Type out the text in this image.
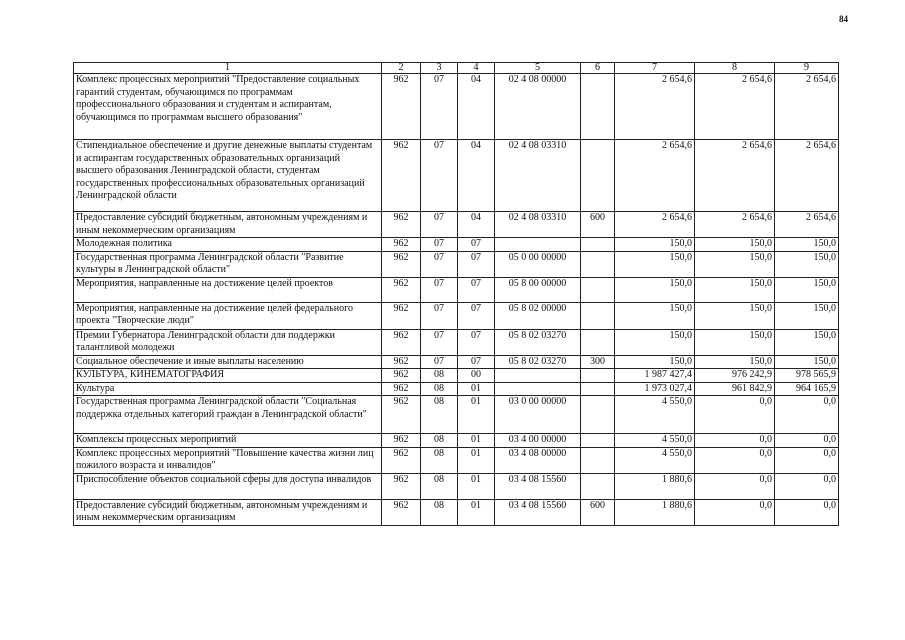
84
1	2	3	4	5	6	7	8	9
Комплекс процессных мероприятий "Предоставление социальных гарантий студентам, обучающимся по программам профессионального образования и студентам и аспирантам, обучающимся по программам высшего образования"	962	07	04	02 4 08 00000		2 654,6	2 654,6	2 654,6
Стипендиальное обеспечение и другие денежные выплаты студентам и аспирантам государственных образовательных организаций высшего образования Ленинградской области, студентам государственных профессиональных образовательных организаций Ленинградской области	962	07	04	02 4 08 03310		2 654,6	2 654,6	2 654,6
Предоставление субсидий бюджетным, автономным учреждениям и иным некоммерческим организациям	962	07	04	02 4 08 03310	600	2 654,6	2 654,6	2 654,6
Молодежная политика	962	07	07			150,0	150,0	150,0
Государственная программа Ленинградской области "Развитие культуры в Ленинградской области"	962	07	07	05 0 00 00000		150,0	150,0	150,0
Мероприятия, направленные на достижение целей проектов	962	07	07	05 8 00 00000		150,0	150,0	150,0
Мероприятия, направленные на достижение целей федерального проекта "Творческие люди"	962	07	07	05 8 02 00000		150,0	150,0	150,0
Премии Губернатора Ленинградской области для поддержки талантливой молодежи	962	07	07	05 8 02 03270		150,0	150,0	150,0
Социальное обеспечение и иные выплаты населению	962	07	07	05 8 02 03270	300	150,0	150,0	150,0
КУЛЬТУРА, КИНЕМАТОГРАФИЯ	962	08	00			1 987 427,4	976 242,9	978 565,9
Культура	962	08	01			1 973 027,4	961 842,9	964 165,9
Государственная программа Ленинградской области "Социальная поддержка отдельных категорий граждан в Ленинградской области"	962	08	01	03 0 00 00000		4 550,0	0,0	0,0
Комплексы процессных мероприятий	962	08	01	03 4 00 00000		4 550,0	0,0	0,0
Комплекс процессных мероприятий "Повышение качества жизни лиц пожилого возраста и инвалидов"	962	08	01	03 4 08 00000		4 550,0	0,0	0,0
Приспособление объектов социальной сферы для доступа инвалидов	962	08	01	03 4 08 15560		1 880,6	0,0	0,0
Предоставление субсидий бюджетным, автономным учреждениям и иным некоммерческим организациям	962	08	01	03 4 08 15560	600	1 880,6	0,0	0,0
